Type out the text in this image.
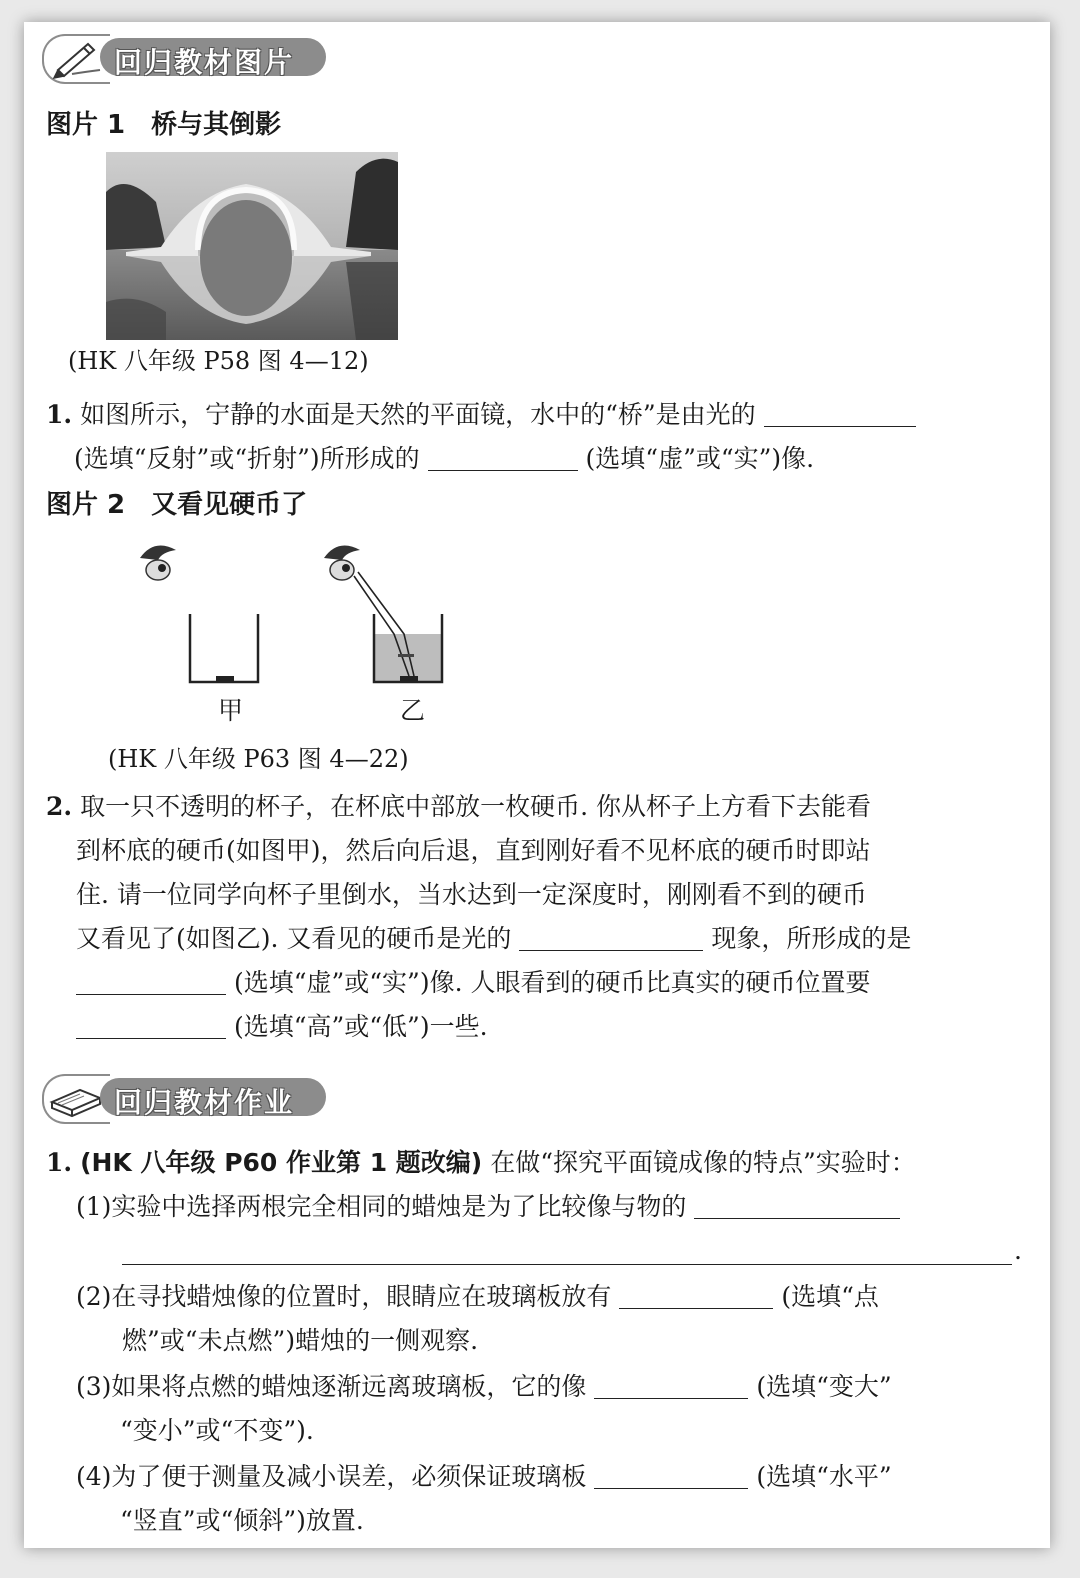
回归教材图片
图片 1　桥与其倒影
(HK 八年级 P58 图 4—12)
1. 如图所示，宁静的水面是天然的平面镜，水中的“桥”是由光的
(选填“反射”或“折射”)所形成的	(选填“虚”或“实”)像.
图片 2　又看见硬币了
甲	乙
(HK 八年级 P63 图 4—22)
2. 取一只不透明的杯子，在杯底中部放一枚硬币. 你从杯子上方看下去能看
到杯底的硬币(如图甲)，然后向后退，直到刚好看不见杯底的硬币时即站
住. 请一位同学向杯子里倒水，当水达到一定深度时，刚刚看不到的硬币
又看见了(如图乙). 又看见的硬币是光的	现象，所形成的是
(选填“虚”或“实”)像. 人眼看到的硬币比真实的硬币位置要
(选填“高”或“低”)一些.
回归教材作业
1. (HK 八年级 P60 作业第 1 题改编) 在做“探究平面镜成像的特点”实验时：
(1)实验中选择两根完全相同的蜡烛是为了比较像与物的
.
(2)在寻找蜡烛像的位置时，眼睛应在玻璃板放有	(选填“点
燃”或“未点燃”)蜡烛的一侧观察.
(3)如果将点燃的蜡烛逐渐远离玻璃板，它的像	(选填“变大”
“变小”或“不变”).
(4)为了便于测量及减小误差，必须保证玻璃板	(选填“水平”
“竖直”或“倾斜”)放置.
